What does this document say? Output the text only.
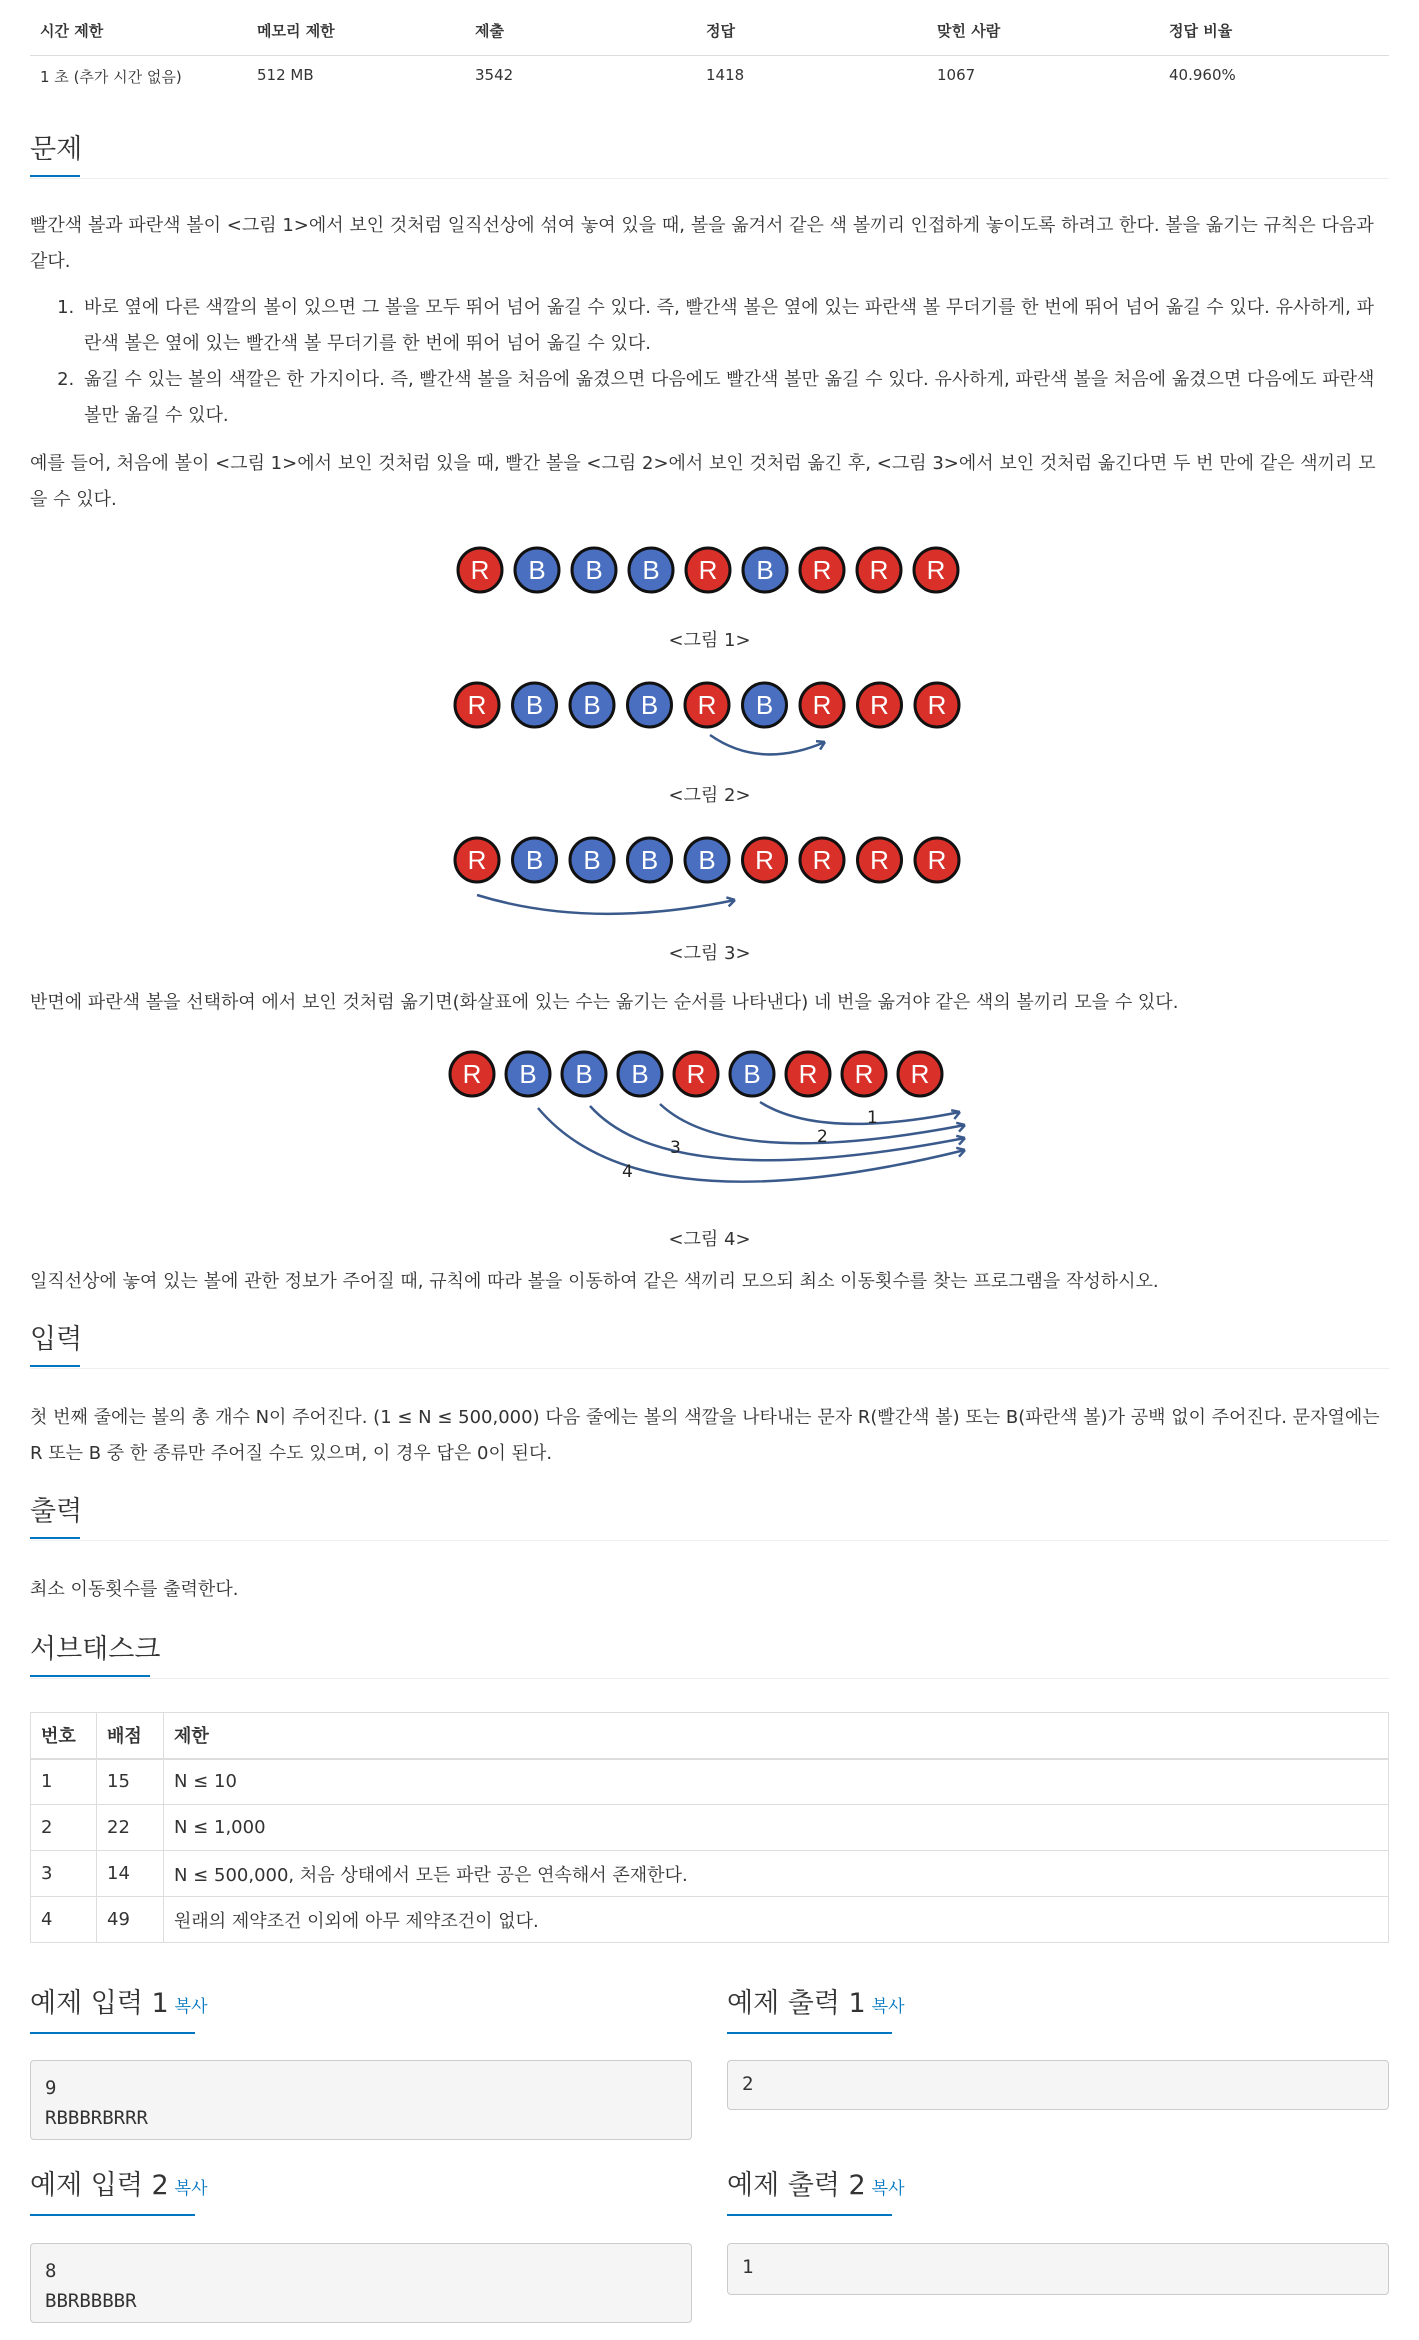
시간 제한	메모리 제한	제출	정답	맞힌 사람	정답 비율
1 초 (추가 시간 없음)	512 MB	3542	1418	1067	40.960%
문제
빨간색 볼과 파란색 볼이 <그림 1>에서 보인 것처럼 일직선상에 섞여 놓여 있을 때, 볼을 옮겨서 같은 색 볼끼리 인접하게 놓이도록 하려고 한다. 볼을 옮기는 규칙은 다음과 같다.
1. 바로 옆에 다른 색깔의 볼이 있으면 그 볼을 모두 뛰어 넘어 옮길 수 있다. 즉, 빨간색 볼은 옆에 있는 파란색 볼 무더기를 한 번에 뛰어 넘어 옮길 수 있다. 유사하게, 파란색 볼은 옆에 있는 빨간색 볼 무더기를 한 번에 뛰어 넘어 옮길 수 있다.
2. 옮길 수 있는 볼의 색깔은 한 가지이다. 즉, 빨간색 볼을 처음에 옮겼으면 다음에도 빨간색 볼만 옮길 수 있다. 유사하게, 파란색 볼을 처음에 옮겼으면 다음에도 파란색 볼만 옮길 수 있다.
예를 들어, 처음에 볼이 <그림 1>에서 보인 것처럼 있을 때, 빨간 볼을 <그림 2>에서 보인 것처럼 옮긴 후, <그림 3>에서 보인 것처럼 옮긴다면 두 번 만에 같은 색끼리 모을 수 있다.
R B B B R B R R R
R B B B R B R R R
R B B B B R R R R
R B B B R B R R R
1
2
3
4
<그림 1>
<그림 2>
<그림 3>
반면에 파란색 볼을 선택하여 에서 보인 것처럼 옮기면(화살표에 있는 수는 옮기는 순서를 나타낸다) 네 번을 옮겨야 같은 색의 볼끼리 모을 수 있다.
<그림 4>
일직선상에 놓여 있는 볼에 관한 정보가 주어질 때, 규칙에 따라 볼을 이동하여 같은 색끼리 모으되 최소 이동횟수를 찾는 프로그램을 작성하시오.
입력
첫 번째 줄에는 볼의 총 개수 N이 주어진다. (1 ≤ N ≤ 500,000) 다음 줄에는 볼의 색깔을 나타내는 문자 R(빨간색 볼) 또는 B(파란색 볼)가 공백 없이 주어진다. 문자열에는 R 또는 B 중 한 종류만 주어질 수도 있으며, 이 경우 답은 0이 된다.
출력
최소 이동횟수를 출력한다.
서브태스크
번호	배점	제한
1	15	N ≤ 10
2	22	N ≤ 1,000
3	14	N ≤ 500,000, 처음 상태에서 모든 파란 공은 연속해서 존재한다.
4	49	원래의 제약조건 이외에 아무 제약조건이 없다.
예제 입력 1 복사	예제 출력 1 복사
9
RBBBRBRRR
2
예제 입력 2 복사	예제 출력 2 복사
8
BBRBBBBR
1
